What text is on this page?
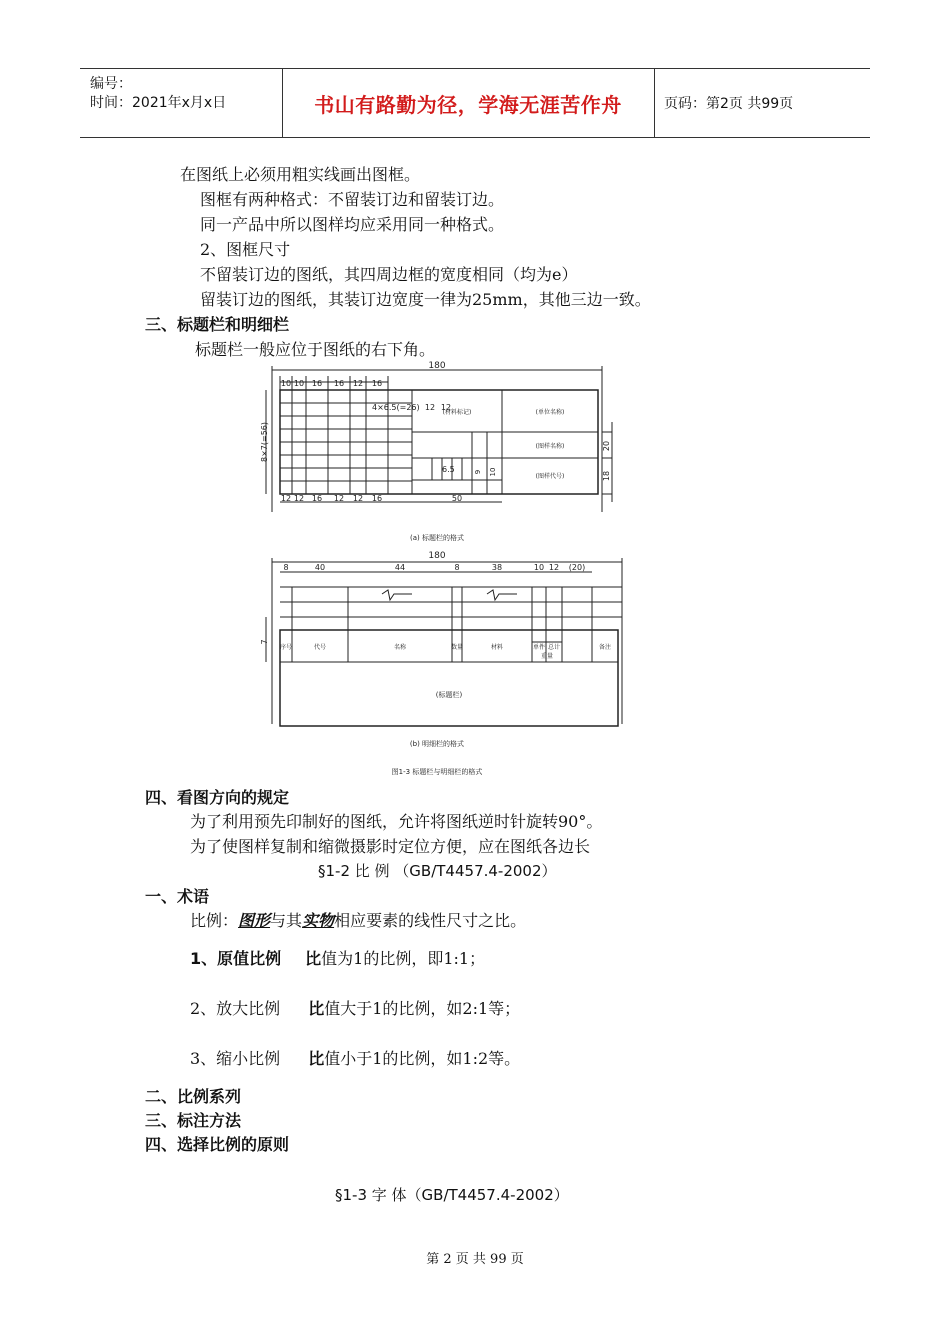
编号：
时间：2021年x月x日	书山有路勤为径，学海无涯苦作舟	页码：第2页 共99页
在图纸上必须用粗实线画出图框。
图框有两种格式：不留装订边和留装订边。
同一产品中所以图样均应采用同一种格式。
2、图框尺寸
不留装订边的图纸，其四周边框的宽度相同（均为e）
留装订边的图纸，其装订边宽度一律为25mm，其他三边一致。
三、标题栏和明细栏
标题栏一般应位于图纸的右下角。
180
4×6.5(=26)
6.5
(单位名称)
(图样名称)
(图样代号)
(材料标记)
(a) 标题栏的格式
180
(标题栏)
(b) 明细栏的格式
图1-3 标题栏与明细栏的格式
10 10 16 16 12 16
12 12 16 12 12 16	50
8×7(=56)
12 12
20
18
9 10
8	40	44	8	38	10 12 (20)
7
序号	代号	名称	数量	材料	单件 总计	备注
重量
四、看图方向的规定
为了利用预先印制好的图纸，允许将图纸逆时针旋转90°。
为了使图样复制和缩微摄影时定位方便，应在图纸各边长
§1-2 比 例 （GB/T4457.4-2002）
一、术语
比例：图形与其实物相应要素的线性尺寸之比。
1、原值比例 比值为1的比例，即1:1；
2、放大比例 比值大于1的比例，如2:1等；
3、缩小比例 比值小于1的比例，如1:2等。
二、比例系列
三、标注方法
四、选择比例的原则
§1-3 字 体（GB/T4457.4-2002）
第 2 页 共 99 页
